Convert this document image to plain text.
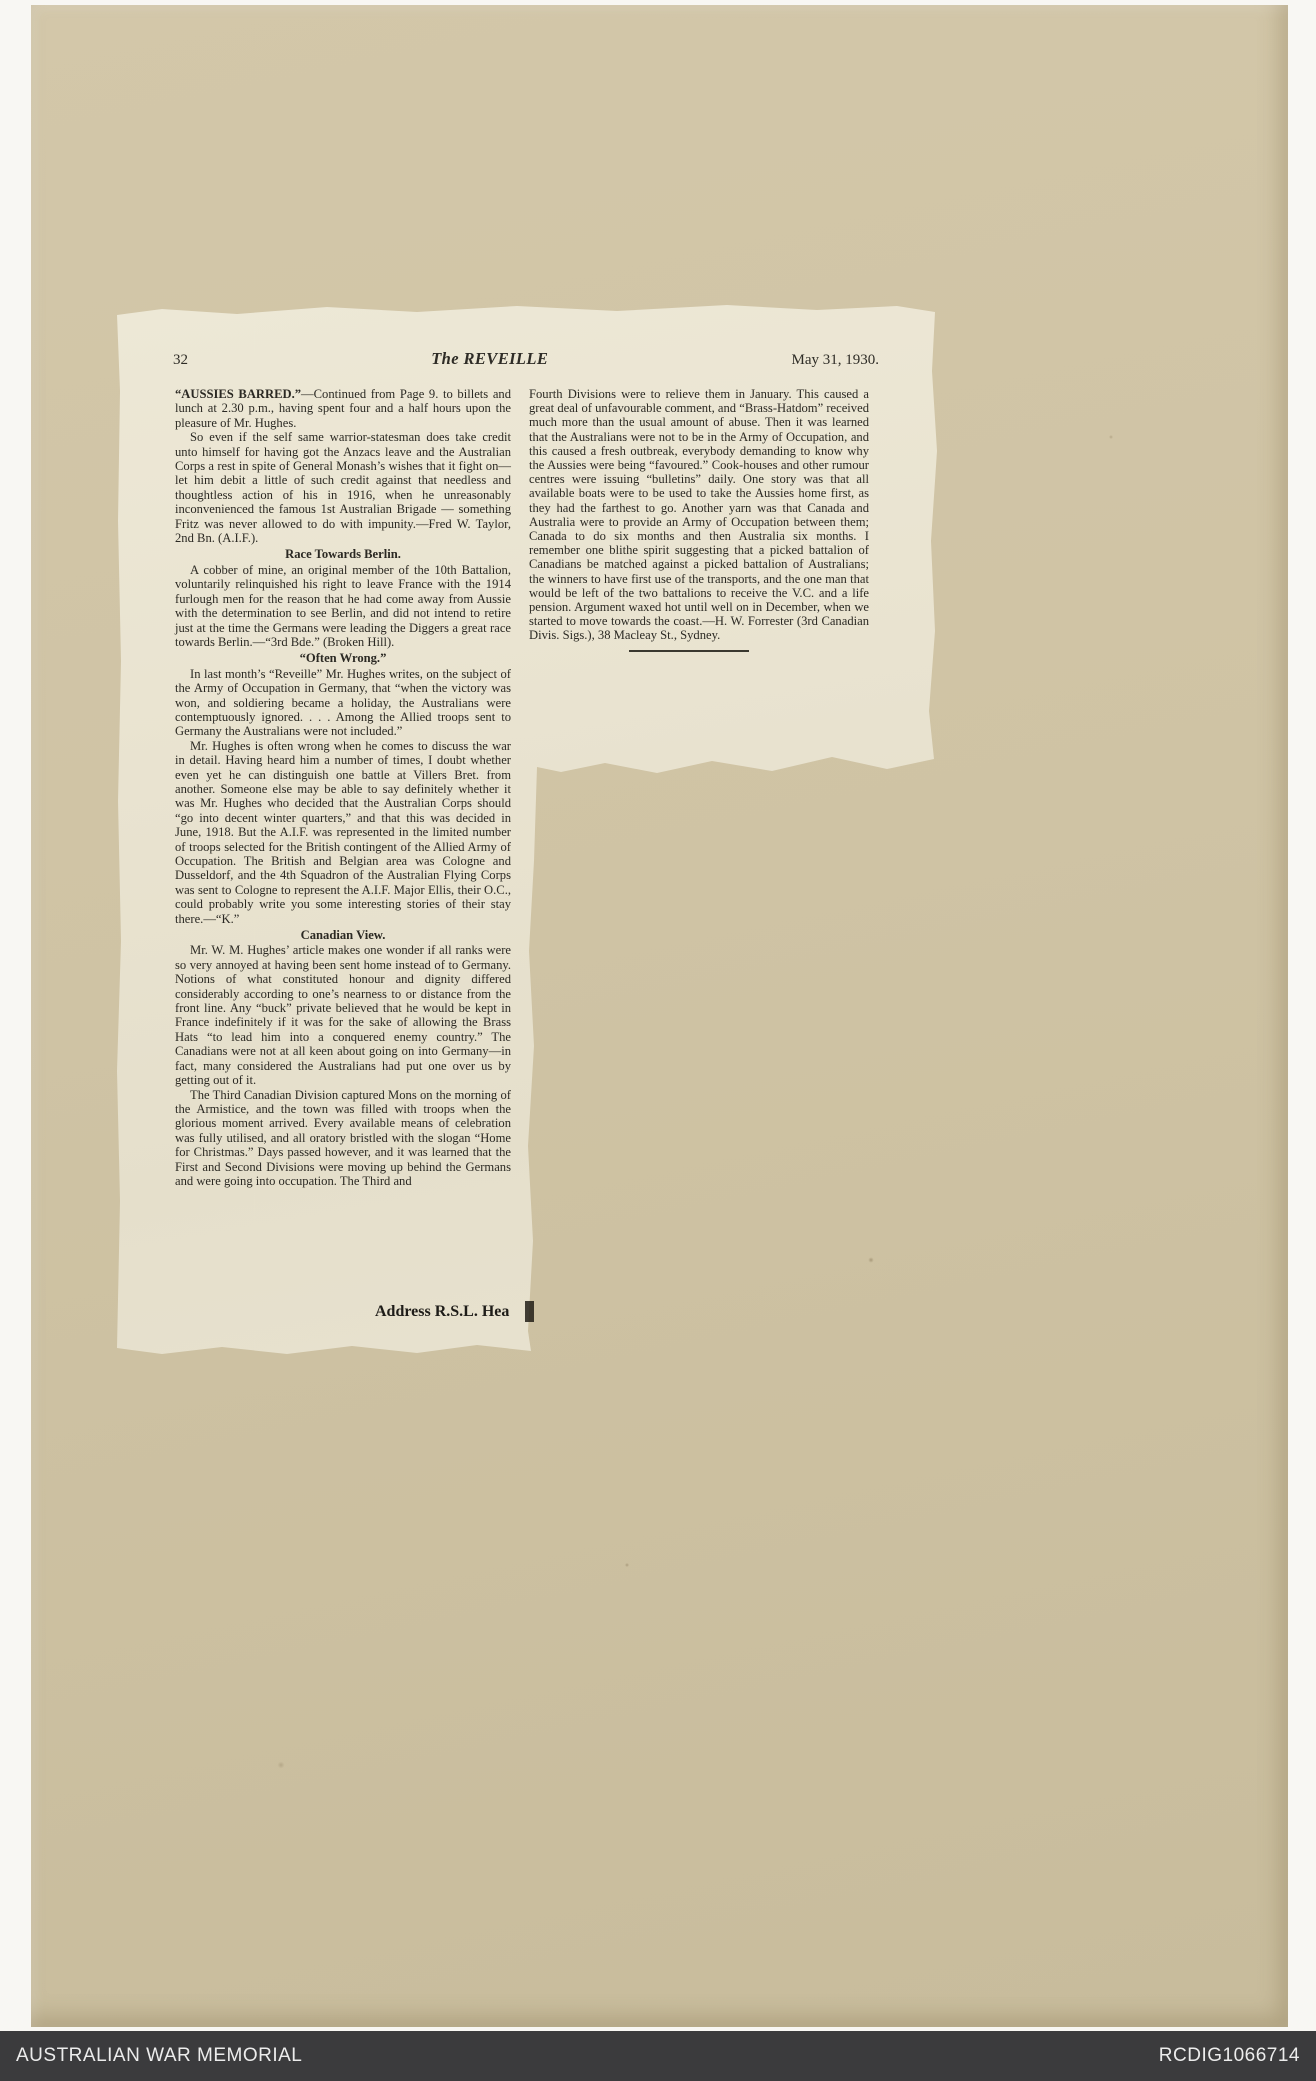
32	The REVEILLE	May 31, 1930.

“AUSSIES BARRED.”—Continued from Page 9. to billets and lunch at 2.30 p.m., having spent four and a half hours upon the pleasure of Mr. Hughes.

So even if the self same warrior-statesman does take credit unto himself for having got the Anzacs leave and the Australian Corps a rest in spite of General Monash’s wishes that it fight on—let him debit a little of such credit against that needless and thoughtless action of his in 1916, when he unreasonably inconvenienced the famous 1st Australian Brigade — something Fritz was never allowed to do with impunity.—Fred W. Taylor, 2nd Bn. (A.I.F.).

Race Towards Berlin.

A cobber of mine, an original member of the 10th Battalion, voluntarily relinquished his right to leave France with the 1914 furlough men for the reason that he had come away from Aussie with the determination to see Berlin, and did not intend to retire just at the time the Germans were leading the Diggers a great race towards Berlin.—“3rd Bde.” (Broken Hill).

“Often Wrong.”

In last month’s “Reveille” Mr. Hughes writes, on the subject of the Army of Occupation in Germany, that “when the victory was won, and soldiering became a holiday, the Australians were contemptuously ignored. . . . Among the Allied troops sent to Germany the Australians were not included.”

Mr. Hughes is often wrong when he comes to discuss the war in detail. Having heard him a number of times, I doubt whether even yet he can distinguish one battle at Villers Bret. from another. Someone else may be able to say definitely whether it was Mr. Hughes who decided that the Australian Corps should “go into decent winter quarters,” and that this was decided in June, 1918. But the A.I.F. was represented in the limited number of troops selected for the British contingent of the Allied Army of Occupation. The British and Belgian area was Cologne and Dusseldorf, and the 4th Squadron of the Australian Flying Corps was sent to Cologne to represent the A.I.F. Major Ellis, their O.C., could probably write you some interesting stories of their stay there.—“K.”

Canadian View.

Mr. W. M. Hughes’ article makes one wonder if all ranks were so very annoyed at having been sent home instead of to Germany. Notions of what constituted honour and dignity differed considerably according to one’s nearness to or distance from the front line. Any “buck” private believed that he would be kept in France indefinitely if it was for the sake of allowing the Brass Hats “to lead him into a conquered enemy country.” The Canadians were not at all keen about going on into Germany—in fact, many considered the Australians had put one over us by getting out of it.

The Third Canadian Division captured Mons on the morning of the Armistice, and the town was filled with troops when the glorious moment arrived. Every available means of celebration was fully utilised, and all oratory bristled with the slogan “Home for Christmas.” Days passed however, and it was learned that the First and Second Divisions were moving up behind the Germans and were going into occupation. The Third and

Fourth Divisions were to relieve them in January. This caused a great deal of unfavourable comment, and “Brass-Hatdom” received much more than the usual amount of abuse. Then it was learned that the Australians were not to be in the Army of Occupation, and this caused a fresh outbreak, everybody demanding to know why the Aussies were being “favoured.” Cook-houses and other rumour centres were issuing “bulletins” daily. One story was that all available boats were to be used to take the Aussies home first, as they had the farthest to go. Another yarn was that Canada and Australia were to provide an Army of Occupation between them; Canada to do six months and then Australia six months. I remember one blithe spirit suggesting that a picked battalion of Canadians be matched against a picked battalion of Australians; the winners to have first use of the transports, and the one man that would be left of the two battalions to receive the V.C. and a life pension. Argument waxed hot until well on in December, when we started to move towards the coast.—H. W. Forrester (3rd Canadian Divis. Sigs.), 38 Macleay St., Sydney.

Address R.S.L. Hea
AUSTRALIAN WAR MEMORIAL	RCDIG1066714
